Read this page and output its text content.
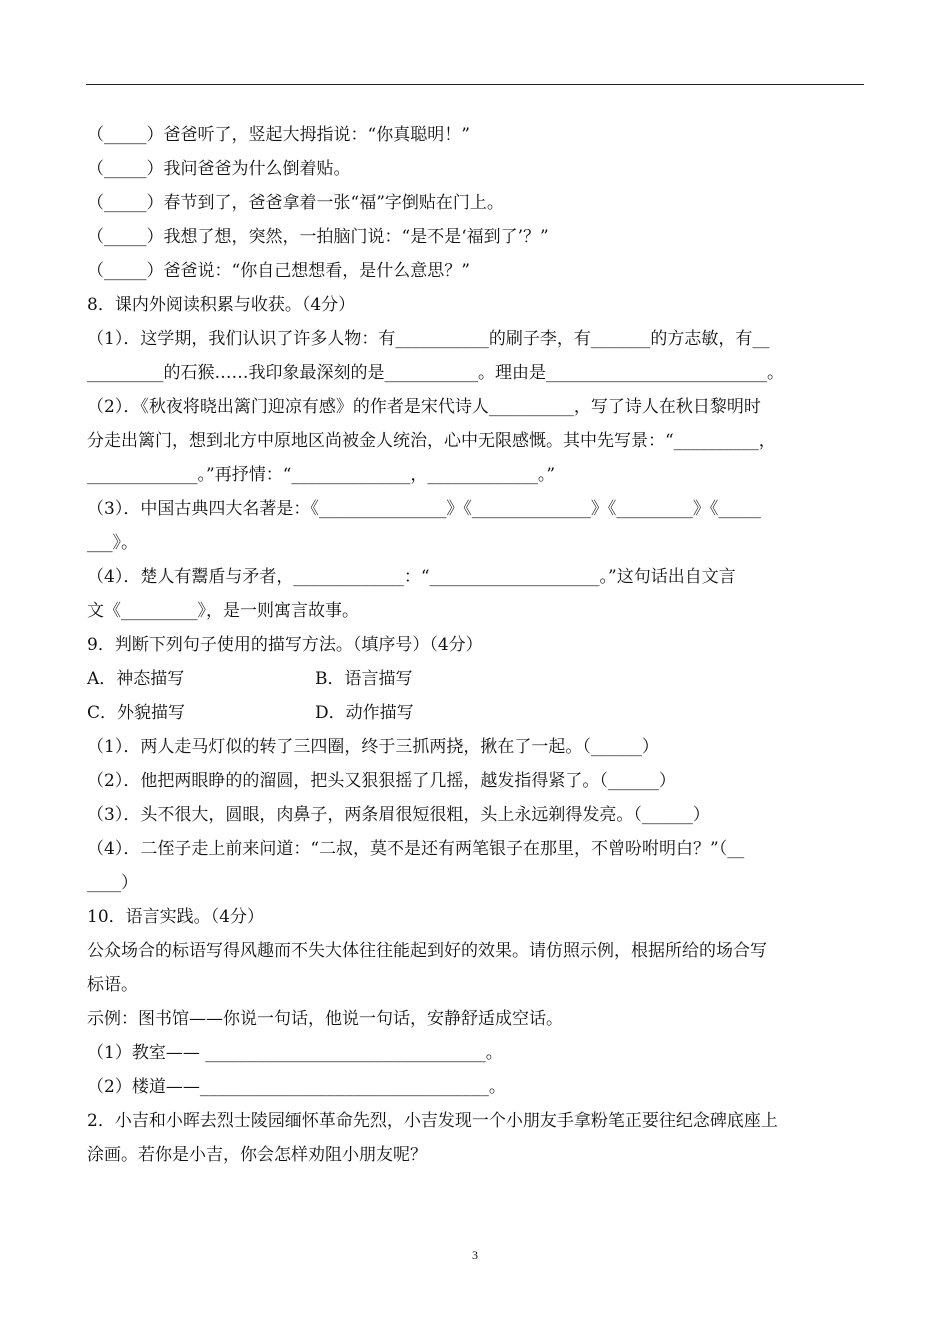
（_____）爸爸听了，竖起大拇指说：“你真聪明！”
（_____）我问爸爸为什么倒着贴。
（_____）春节到了，爸爸拿着一张“福”字倒贴在门上。
（_____）我想了想，突然，一拍脑门说：“是不是‘福到了’？”
（_____）爸爸说：“你自己想想看，是什么意思？”
8．课内外阅读积累与收获。（4分）
（1）．这学期，我们认识了许多人物：有___________的刷子李，有_______的方志敏，有__
_________的石猴……我印象最深刻的是___________。理由是__________________________。
（2）．《秋夜将晓出篱门迎凉有感》的作者是宋代诗人__________，写了诗人在秋日黎明时
分走出篱门，想到北方中原地区尚被金人统治，心中无限感慨。其中先写景：“__________，
_____________。”再抒情：“______________，_____________。”
（3）．中国古典四大名著是：《_______________》《______________》《_________》《_____
___》。
（4）．楚人有鬻盾与矛者，_____________：“____________________。”这句话出自文言
文《_________》，是一则寓言故事。
9．判断下列句子使用的描写方法。（填序号）（4分）
A．神态描写	B．语言描写
C．外貌描写	D．动作描写
（1）．两人走马灯似的转了三四圈，终于三抓两挠，揪在了一起。（______）
（2）．他把两眼睁的的溜圆，把头又狠狠摇了几摇，越发指得紧了。（______）
（3）．头不很大，圆眼，肉鼻子，两条眉很短很粗，头上永远剃得发亮。（______）
（4）．二侄子走上前来问道：“二叔，莫不是还有两笔银子在那里，不曾吩咐明白？”（__
____）
10．语言实践。（4分）
公众场合的标语写得风趣而不失大体往往能起到好的效果。请仿照示例，根据所给的场合写
标语。
示例：图书馆——你说一句话，他说一句话，安静舒适成空话。
（1）教室—— _________________________________。
（2）楼道——__________________________________。
2．小吉和小晖去烈士陵园缅怀革命先烈，小吉发现一个小朋友手拿粉笔正要往纪念碑底座上
涂画。若你是小吉，你会怎样劝阻小朋友呢？
3
